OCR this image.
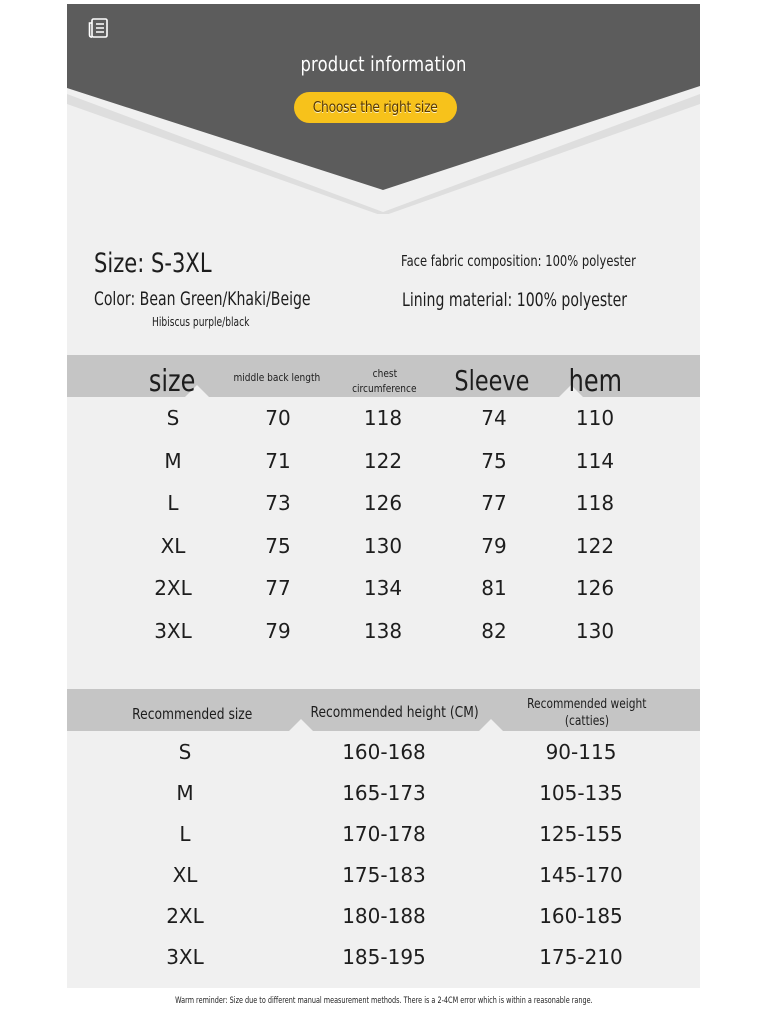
product information
Choose the right size
Size: S-3XL
Color: Bean Green/Khaki/Beige
Hibiscus purple/black
Face fabric composition: 100% polyester
Lining material: 100% polyester
size	middle back length	chest
circumference	Sleeve	hem
S	70	118	74	110
M	71	122	75	114
L	73	126	77	118
XL	75	130	79	122
2XL	77	134	81	126
3XL	79	138	82	130
Recommended size	Recommended height (CM)	Recommended weight
(catties)
S	160-168	90-115
M	165-173	105-135
L	170-178	125-155
XL	175-183	145-170
2XL	180-188	160-185
3XL	185-195	175-210
Warm reminder: Size due to different manual measurement methods. There is a 2-4CM error which is within a reasonable range.
